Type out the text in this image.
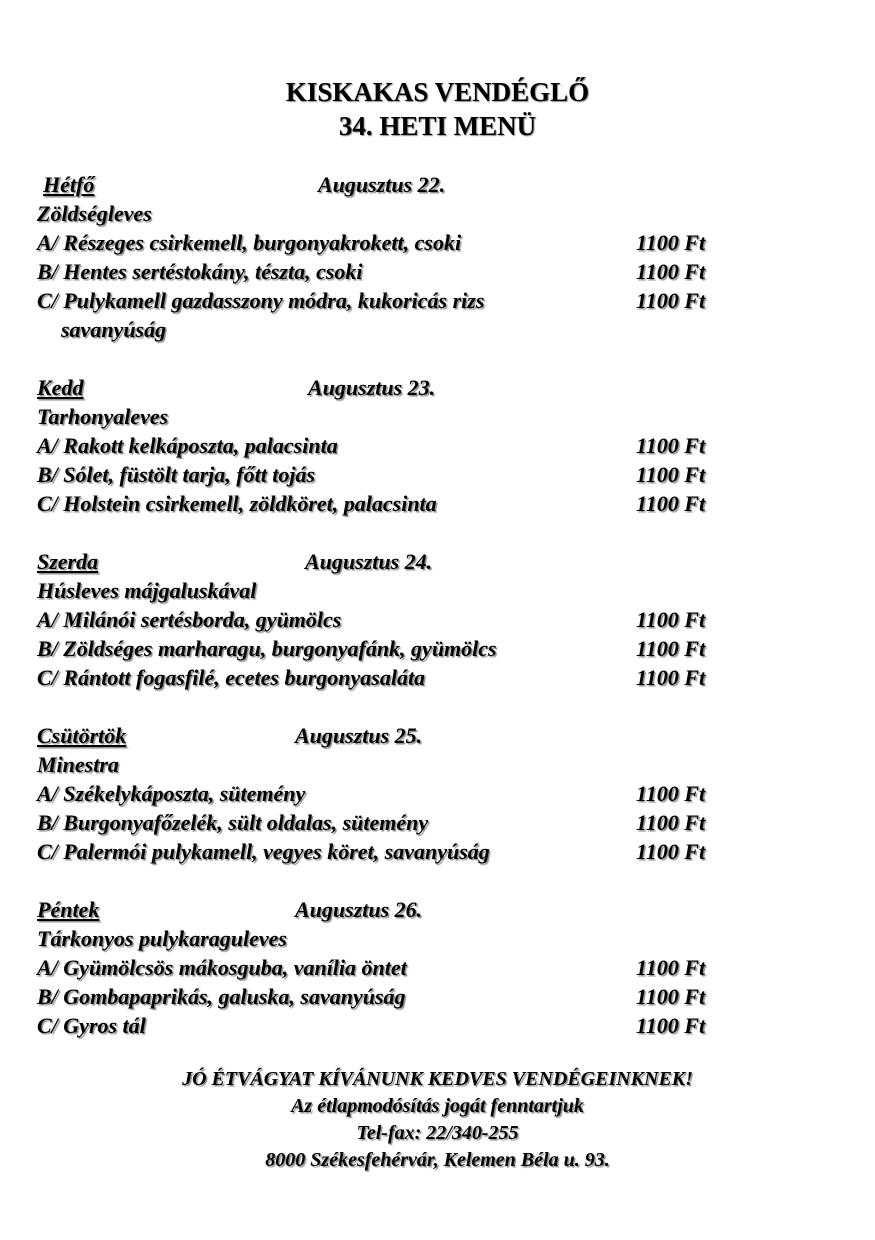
KISKAKAS VENDÉGLŐ
34. HETI MENÜ
Hétfő	Augusztus 22.
Zöldségleves
A/ Részeges csirkemell, burgonyakrokett, csoki	1100 Ft
B/ Hentes sertéstokány, tészta, csoki	1100 Ft
C/ Pulykamell gazdasszony módra, kukoricás rizs	1100 Ft
savanyúság
Kedd	Augusztus 23.
Tarhonyaleves
A/ Rakott kelkáposzta, palacsinta	1100 Ft
B/ Sólet, füstölt tarja, főtt tojás	1100 Ft
C/ Holstein csirkemell, zöldköret, palacsinta	1100 Ft
Szerda	Augusztus 24.
Húsleves májgaluskával
A/ Milánói sertésborda, gyümölcs	1100 Ft
B/ Zöldséges marharagu, burgonyafánk, gyümölcs	1100 Ft
C/ Rántott fogasfilé, ecetes burgonyasaláta	1100 Ft
Csütörtök	Augusztus 25.
Minestra
A/ Székelykáposzta, sütemény	1100 Ft
B/ Burgonyafőzelék, sült oldalas, sütemény	1100 Ft
C/ Palermói pulykamell, vegyes köret, savanyúság	1100 Ft
Péntek	Augusztus 26.
Tárkonyos pulykaraguleves
A/ Gyümölcsös mákosguba, vanília öntet	1100 Ft
B/ Gombapaprikás, galuska, savanyúság	1100 Ft
C/ Gyros tál	1100 Ft
JÓ ÉTVÁGYAT KÍVÁNUNK KEDVES VENDÉGEINKNEK!
Az étlapmodósítás jogát fenntartjuk
Tel-fax: 22/340-255
8000 Székesfehérvár, Kelemen Béla u. 93.
